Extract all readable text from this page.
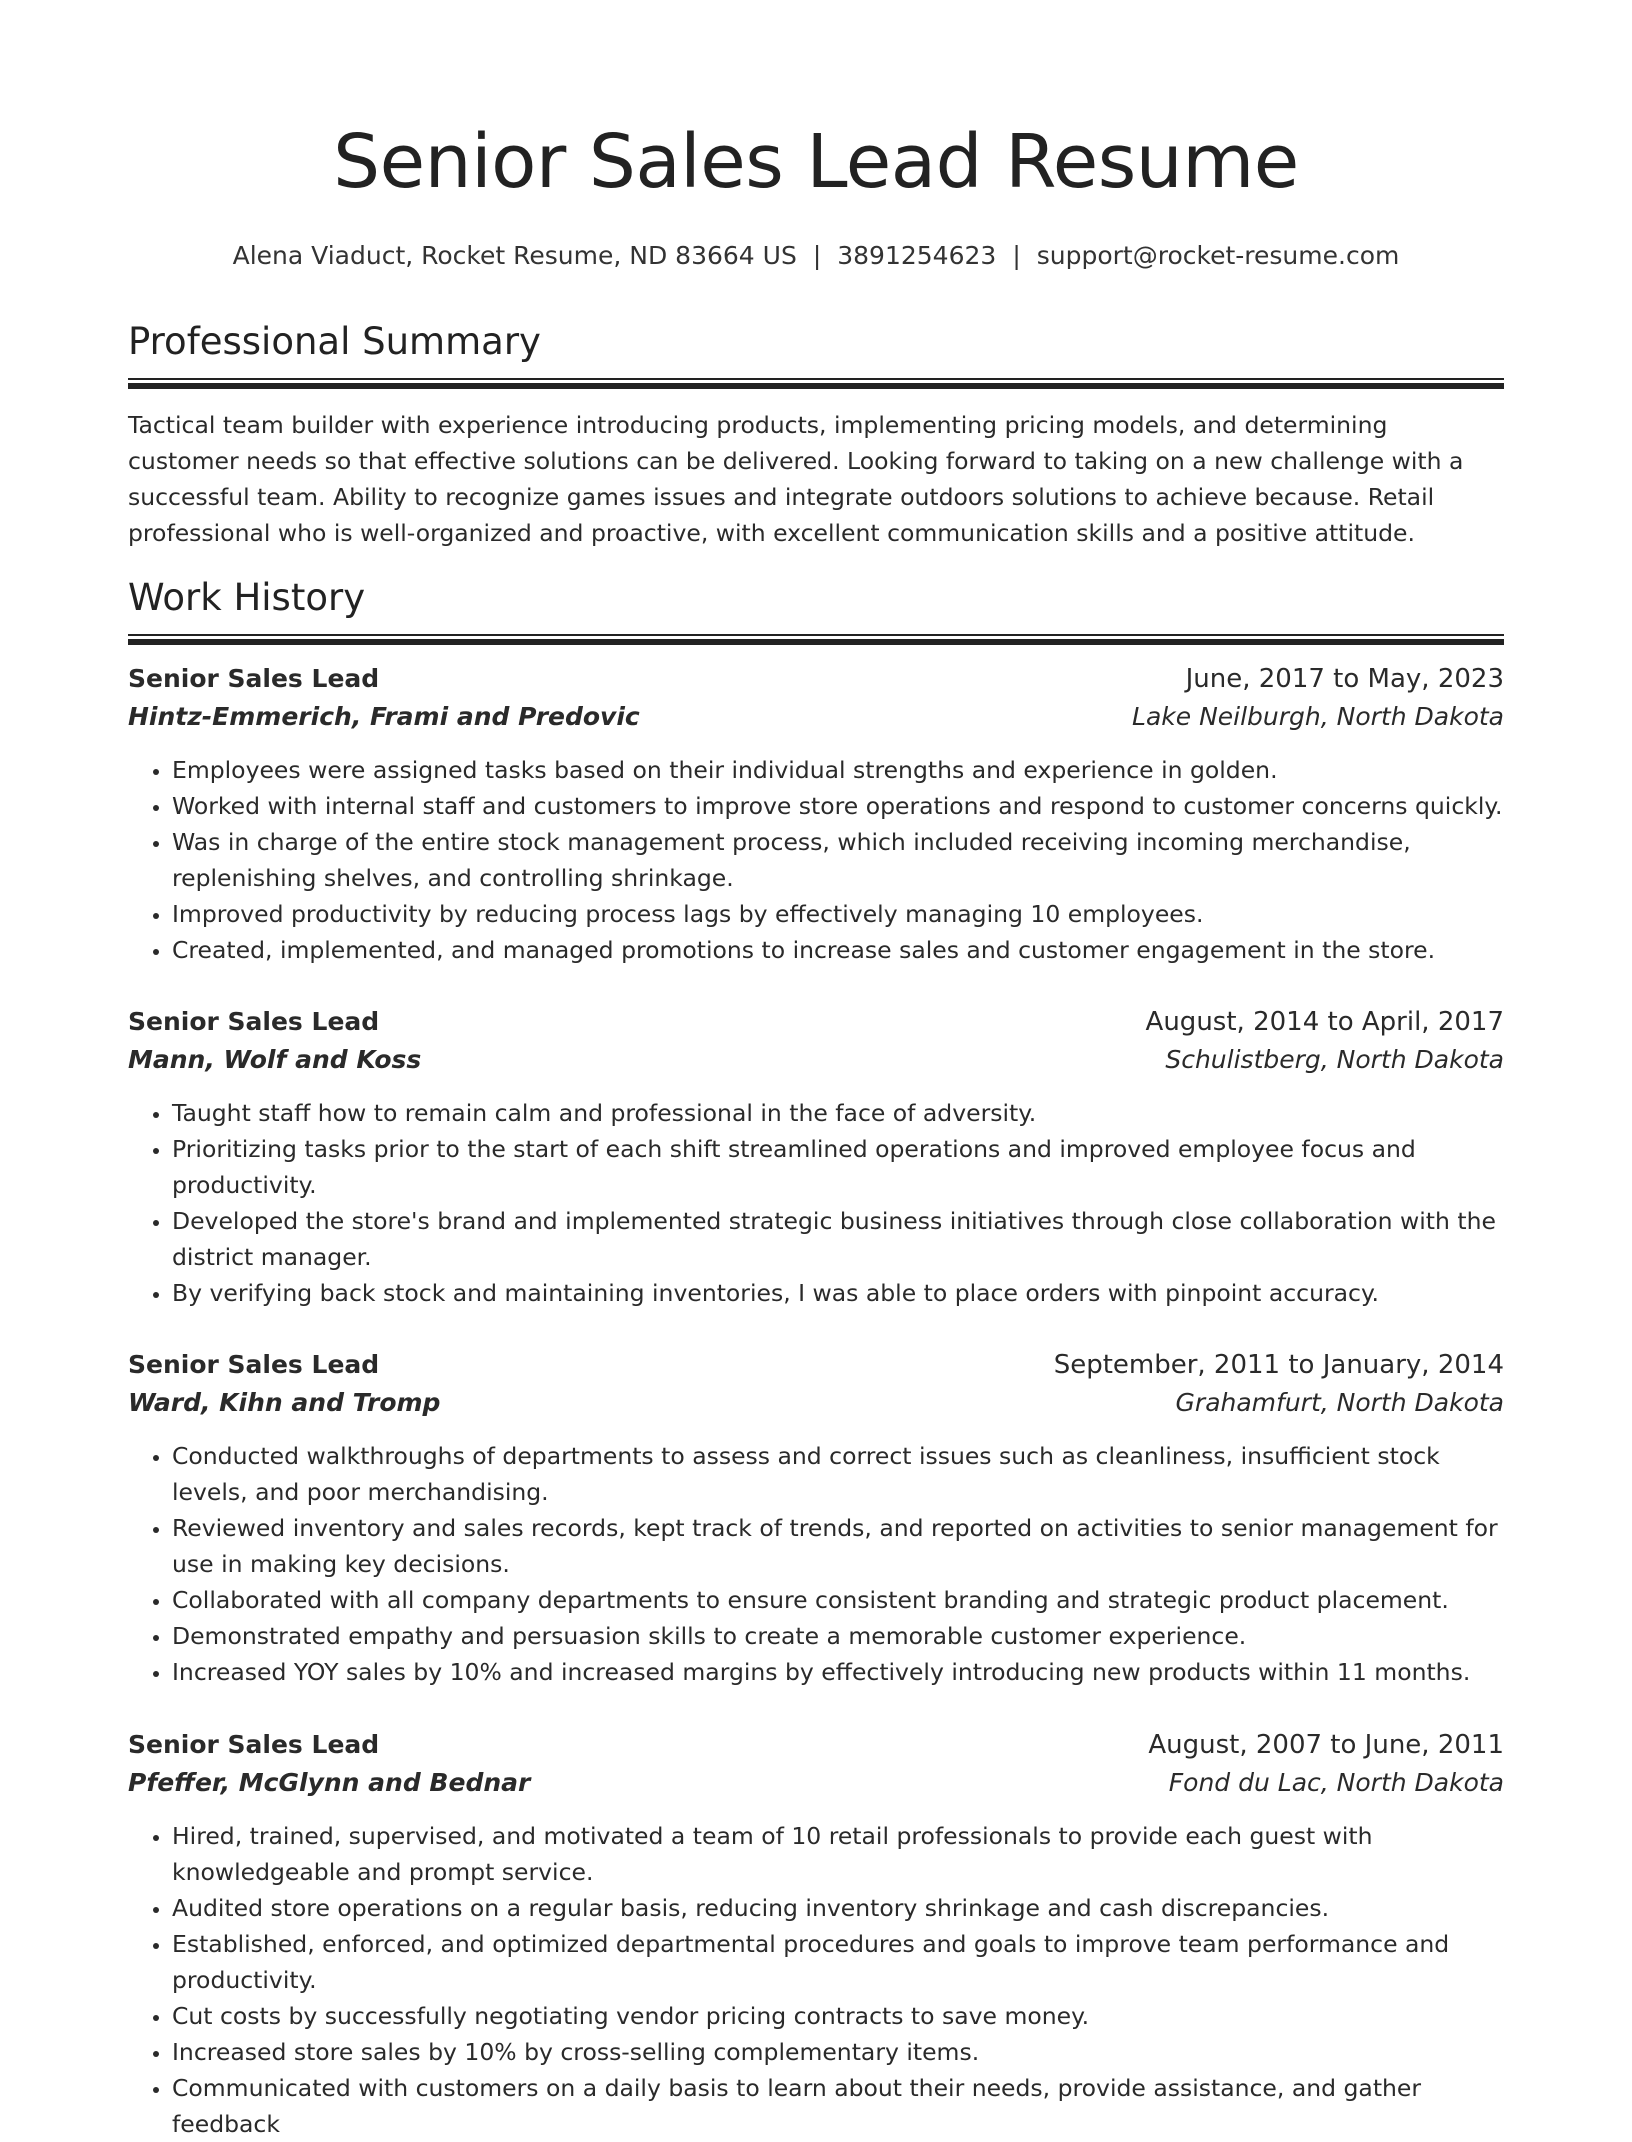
Senior Sales Lead Resume
Alena Viaduct, Rocket Resume, ND 83664 US | 3891254623 | support@rocket-resume.com
Professional Summary
Tactical team builder with experience introducing products, implementing pricing models, and determining customer needs so that effective solutions can be delivered. Looking forward to taking on a new challenge with a successful team. Ability to recognize games issues and integrate outdoors solutions to achieve because. Retail professional who is well-organized and proactive, with excellent communication skills and a positive attitude.
Work History
Senior Sales Lead	June, 2017 to May, 2023
Hintz-Emmerich, Frami and Predovic	Lake Neilburgh, North Dakota
• Employees were assigned tasks based on their individual strengths and experience in golden.
• Worked with internal staff and customers to improve store operations and respond to customer concerns quickly.
• Was in charge of the entire stock management process, which included receiving incoming merchandise, replenishing shelves, and controlling shrinkage.
• Improved productivity by reducing process lags by effectively managing 10 employees.
• Created, implemented, and managed promotions to increase sales and customer engagement in the store.
Senior Sales Lead	August, 2014 to April, 2017
Mann, Wolf and Koss	Schulistberg, North Dakota
• Taught staff how to remain calm and professional in the face of adversity.
• Prioritizing tasks prior to the start of each shift streamlined operations and improved employee focus and productivity.
• Developed the store's brand and implemented strategic business initiatives through close collaboration with the district manager.
• By verifying back stock and maintaining inventories, I was able to place orders with pinpoint accuracy.
Senior Sales Lead	September, 2011 to January, 2014
Ward, Kihn and Tromp	Grahamfurt, North Dakota
• Conducted walkthroughs of departments to assess and correct issues such as cleanliness, insufficient stock levels, and poor merchandising.
• Reviewed inventory and sales records, kept track of trends, and reported on activities to senior management for use in making key decisions.
• Collaborated with all company departments to ensure consistent branding and strategic product placement.
• Demonstrated empathy and persuasion skills to create a memorable customer experience.
• Increased YOY sales by 10% and increased margins by effectively introducing new products within 11 months.
Senior Sales Lead	August, 2007 to June, 2011
Pfeffer, McGlynn and Bednar	Fond du Lac, North Dakota
• Hired, trained, supervised, and motivated a team of 10 retail professionals to provide each guest with knowledgeable and prompt service.
• Audited store operations on a regular basis, reducing inventory shrinkage and cash discrepancies.
• Established, enforced, and optimized departmental procedures and goals to improve team performance and productivity.
• Cut costs by successfully negotiating vendor pricing contracts to save money.
• Increased store sales by 10% by cross-selling complementary items.
• Communicated with customers on a daily basis to learn about their needs, provide assistance, and gather feedback
